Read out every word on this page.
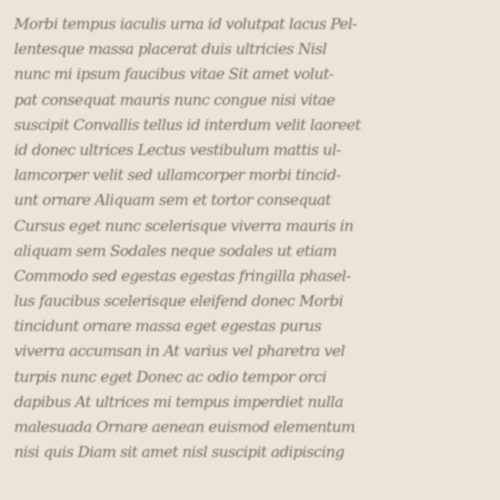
Morbi tempus iaculis urna id volutpat lacus Pel-
lentesque massa placerat duis ultricies Nisl
nunc mi ipsum faucibus vitae Sit amet volut-
pat consequat mauris nunc congue nisi vitae
suscipit Convallis tellus id interdum velit laoreet
id donec ultrices Lectus vestibulum mattis ul-
lamcorper velit sed ullamcorper morbi tincid-
unt ornare Aliquam sem et tortor consequat
Cursus eget nunc scelerisque viverra mauris in
aliquam sem Sodales neque sodales ut etiam
Commodo sed egestas egestas fringilla phasel-
lus faucibus scelerisque eleifend donec Morbi
tincidunt ornare massa eget egestas purus
viverra accumsan in At varius vel pharetra vel
turpis nunc eget Donec ac odio tempor orci
dapibus At ultrices mi tempus imperdiet nulla
malesuada Ornare aenean euismod elementum
nisi quis Diam sit amet nisl suscipit adipiscing
